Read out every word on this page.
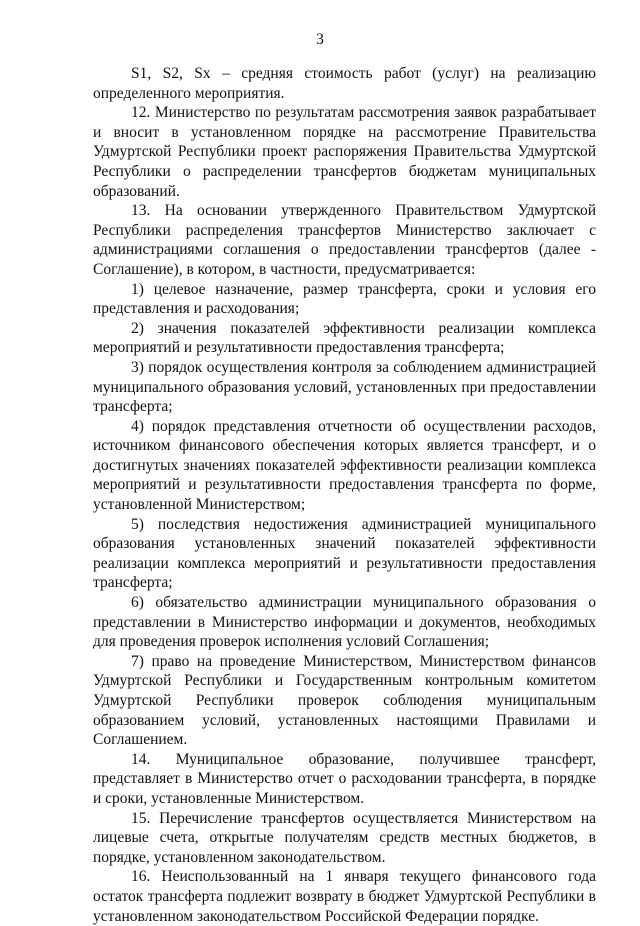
3

S1, S2, Sx – средняя стоимость работ (услуг) на реализацию определенного мероприятия.

12. Министерство по результатам рассмотрения заявок разрабатывает и вносит в установленном порядке на рассмотрение Правительства Удмуртской Республики проект распоряжения Правительства Удмуртской Республики о распределении трансфертов бюджетам муниципальных образований.

13. На основании утвержденного Правительством Удмуртской Республики распределения трансфертов Министерство заключает с администрациями соглашения о предоставлении трансфертов (далее - Соглашение), в котором, в частности, предусматривается:

1) целевое назначение, размер трансферта, сроки и условия его представления и расходования;

2) значения показателей эффективности реализации комплекса мероприятий и результативности предоставления трансферта;

3) порядок осуществления контроля за соблюдением администрацией муниципального образования условий, установленных при предоставлении трансферта;

4) порядок представления отчетности об осуществлении расходов, источником финансового обеспечения которых является трансферт, и о достигнутых значениях показателей эффективности реализации комплекса мероприятий и результативности предоставления трансферта по форме, установленной Министерством;

5) последствия недостижения администрацией муниципального образования установленных значений показателей эффективности реализации комплекса мероприятий и результативности предоставления трансферта;

6) обязательство администрации муниципального образования о представлении в Министерство информации и документов, необходимых для проведения проверок исполнения условий Соглашения;

7) право на проведение Министерством, Министерством финансов Удмуртской Республики и Государственным контрольным комитетом Удмуртской Республики проверок соблюдения муниципальным образованием условий, установленных настоящими Правилами и Соглашением.

14. Муниципальное образование, получившее трансферт, представляет в Министерство отчет о расходовании трансферта, в порядке и сроки, установленные Министерством.

15. Перечисление трансфертов осуществляется Министерством на лицевые счета, открытые получателям средств местных бюджетов, в порядке, установленном законодательством.

16. Неиспользованный на 1 января текущего финансового года остаток трансферта подлежит возврату в бюджет Удмуртской Республики в установленном законодательством Российской Федерации порядке.
